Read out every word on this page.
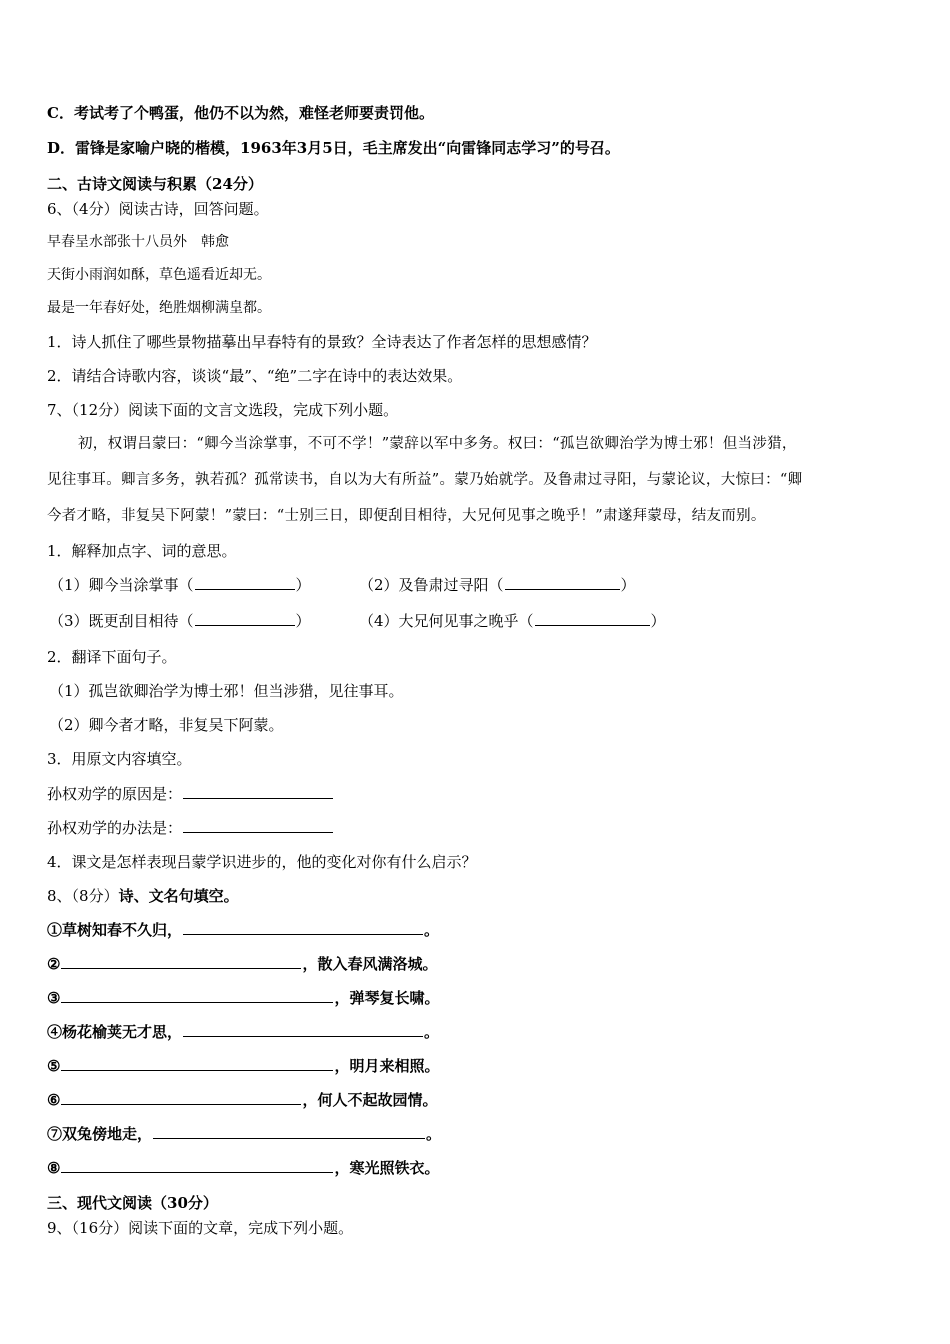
C．考试考了个鸭蛋，他仍不以为然，难怪老师要责罚他。
D．雷锋是家喻户晓的楷模，1963年3月5日，毛主席发出“向雷锋同志学习”的号召。
二、古诗文阅读与积累（24分）
6、（4分）阅读古诗，回答问题。
早春呈水部张十八员外　韩愈
天街小雨润如酥，草色遥看近却无。
最是一年春好处，绝胜烟柳满皇都。
1．诗人抓住了哪些景物描摹出早春特有的景致？全诗表达了作者怎样的思想感情？
2．请结合诗歌内容，谈谈“最”、“绝”二字在诗中的表达效果。
7、（12分）阅读下面的文言文选段，完成下列小题。
初，权谓吕蒙曰：“卿今当涂掌事，不可不学！”蒙辞以军中多务。权曰：“孤岂欲卿治学为博士邪！但当涉猎，
见往事耳。卿言多务，孰若孤？孤常读书，自以为大有所益”。蒙乃始就学。及鲁肃过寻阳，与蒙论议，大惊曰：“卿
今者才略，非复吴下阿蒙！”蒙曰：“士别三日，即便刮目相待，大兄何见事之晚乎！”肃遂拜蒙母，结友而别。
1．解释加点字、词的意思。
（1）卿今当涂掌事（	）	（2）及鲁肃过寻阳（	）
（3）既更刮目相待（	）	（4）大兄何见事之晚乎（	）
2．翻译下面句子。
（1）孤岂欲卿治学为博士邪！但当涉猎，见往事耳。
（2）卿今者才略，非复吴下阿蒙。
3．用原文内容填空。
孙权劝学的原因是：
孙权劝学的办法是：
4．课文是怎样表现吕蒙学识进步的，他的变化对你有什么启示？
8、（8分）诗、文名句填空。
①草树知春不久归，	。
②	，散入春风满洛城。
③	，弹琴复长啸。
④杨花榆荚无才思，	。
⑤	，明月来相照。
⑥	，何人不起故园情。
⑦双兔傍地走，	。
⑧	，寒光照铁衣。
三、现代文阅读（30分）
9、（16分）阅读下面的文章，完成下列小题。
